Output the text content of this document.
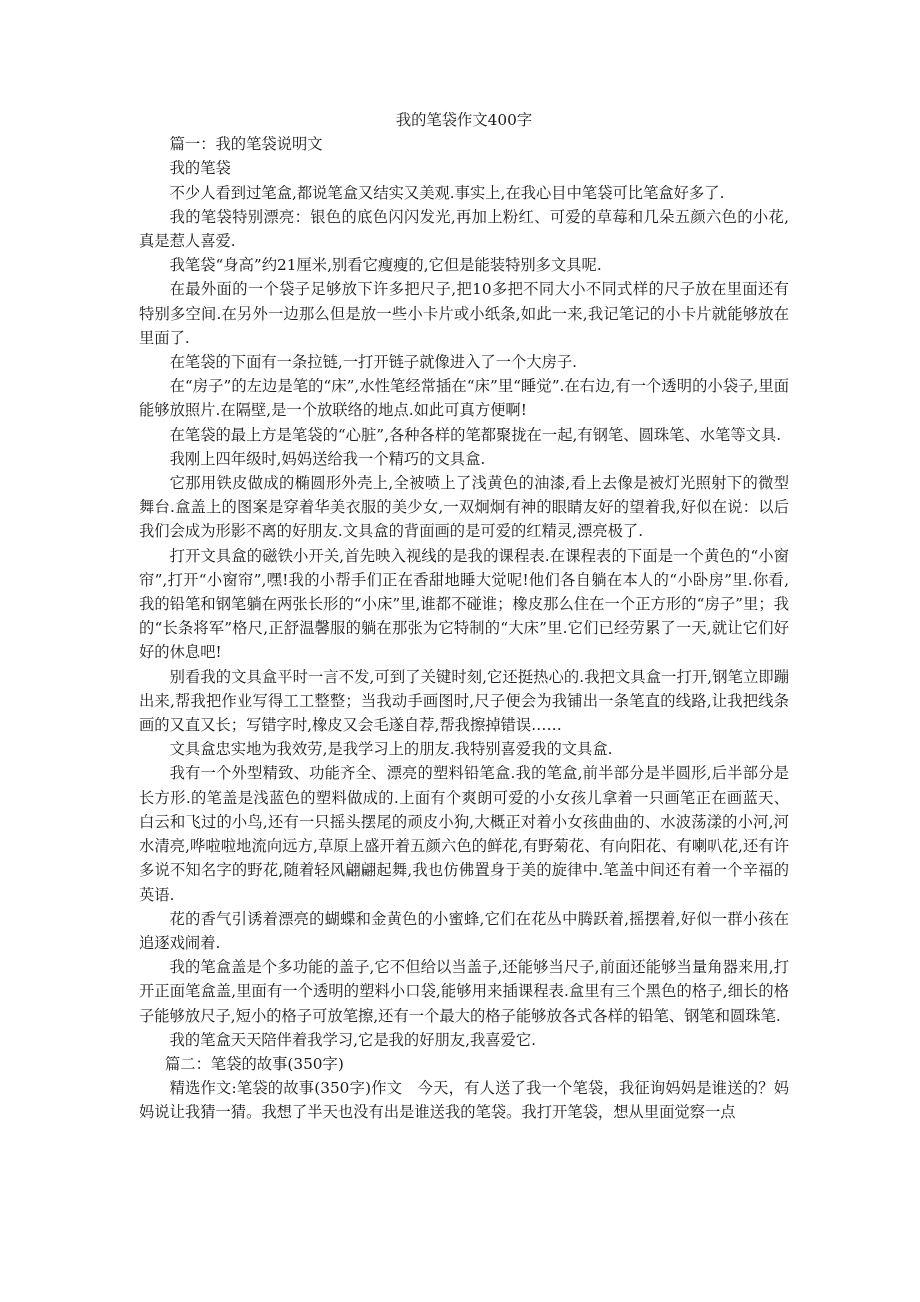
我的笔袋作文400字

篇一：我的笔袋说明文

我的笔袋

不少人看到过笔盒,都说笔盒又结实又美观.事实上,在我心目中笔袋可比笔盒好多了.

我的笔袋特别漂亮：银色的底色闪闪发光,再加上粉红、可爱的草莓和几朵五颜六色的小花,真是惹人喜爱.

我笔袋“身高”约21厘米,别看它瘦瘦的,它但是能装特别多文具呢.

在最外面的一个袋子足够放下许多把尺子,把10多把不同大小不同式样的尺子放在里面还有特别多空间.在另外一边那么但是放一些小卡片或小纸条,如此一来,我记笔记的小卡片就能够放在里面了.

在笔袋的下面有一条拉链,一打开链子就像进入了一个大房子.

在“房子”的左边是笔的“床”,水性笔经常插在“床”里“睡觉”.在右边,有一个透明的小袋子,里面能够放照片.在隔壁,是一个放联络的地点.如此可真方便啊!

在笔袋的最上方是笔袋的“心脏”,各种各样的笔都聚拢在一起,有钢笔、圆珠笔、水笔等文具.

我刚上四年级时,妈妈送给我一个精巧的文具盒.

它那用铁皮做成的椭圆形外壳上,全被喷上了浅黄色的油漆,看上去像是被灯光照射下的微型舞台.盒盖上的图案是穿着华美衣服的美少女,一双炯炯有神的眼睛友好的望着我,好似在说：以后我们会成为形影不离的好朋友.文具盒的背面画的是可爱的红精灵,漂亮极了.

打开文具盒的磁铁小开关,首先映入视线的是我的课程表.在课程表的下面是一个黄色的“小窗帘”,打开“小窗帘”,嘿!我的小帮手们正在香甜地睡大觉呢!他们各自躺在本人的“小卧房”里.你看,我的铅笔和钢笔躺在两张长形的“小床”里,谁都不碰谁；橡皮那么住在一个正方形的“房子”里；我的“长条将军”格尺,正舒温馨服的躺在那张为它特制的“大床”里.它们已经劳累了一天,就让它们好好的休息吧!

别看我的文具盒平时一言不发,可到了关键时刻,它还挺热心的.我把文具盒一打开,钢笔立即蹦出来,帮我把作业写得工工整整；当我动手画图时,尺子便会为我铺出一条笔直的线路,让我把线条画的又直又长；写错字时,橡皮又会毛遂自荐,帮我擦掉错误……

文具盒忠实地为我效劳,是我学习上的朋友.我特别喜爱我的文具盒.

我有一个外型精致、功能齐全、漂亮的塑料铅笔盒.我的笔盒,前半部分是半圆形,后半部分是长方形.的笔盖是浅蓝色的塑料做成的.上面有个爽朗可爱的小女孩儿拿着一只画笔正在画蓝天、白云和飞过的小鸟,还有一只摇头摆尾的顽皮小狗,大概正对着小女孩曲曲的、水波荡漾的小河,河水清亮,哗啦啦地流向远方,草原上盛开着五颜六色的鲜花,有野菊花、有向阳花、有喇叭花,还有许多说不知名字的野花,随着轻风翩翩起舞,我也仿佛置身于美的旋律中.笔盖中间还有着一个辛福的英语.

花的香气引诱着漂亮的蝴蝶和金黄色的小蜜蜂,它们在花丛中腾跃着,摇摆着,好似一群小孩在追逐戏闹着.

我的笔盒盖是个多功能的盖子,它不但给以当盖子,还能够当尺子,前面还能够当量角器来用,打开正面笔盒盖,里面有一个透明的塑料小口袋,能够用来插课程表.盒里有三个黑色的格子,细长的格子能够放尺子,短小的格子可放笔擦,还有一个最大的格子能够放各式各样的铅笔、钢笔和圆珠笔.

我的笔盒天天陪伴着我学习,它是我的好朋友,我喜爱它.

篇二：笔袋的故事(350字)

精选作文:笔袋的故事(350字)作文　今天，有人送了我一个笔袋，我征询妈妈是谁送的？妈妈说让我猜一猜。我想了半天也没有出是谁送我的笔袋。我打开笔袋，想从里面觉察一点
